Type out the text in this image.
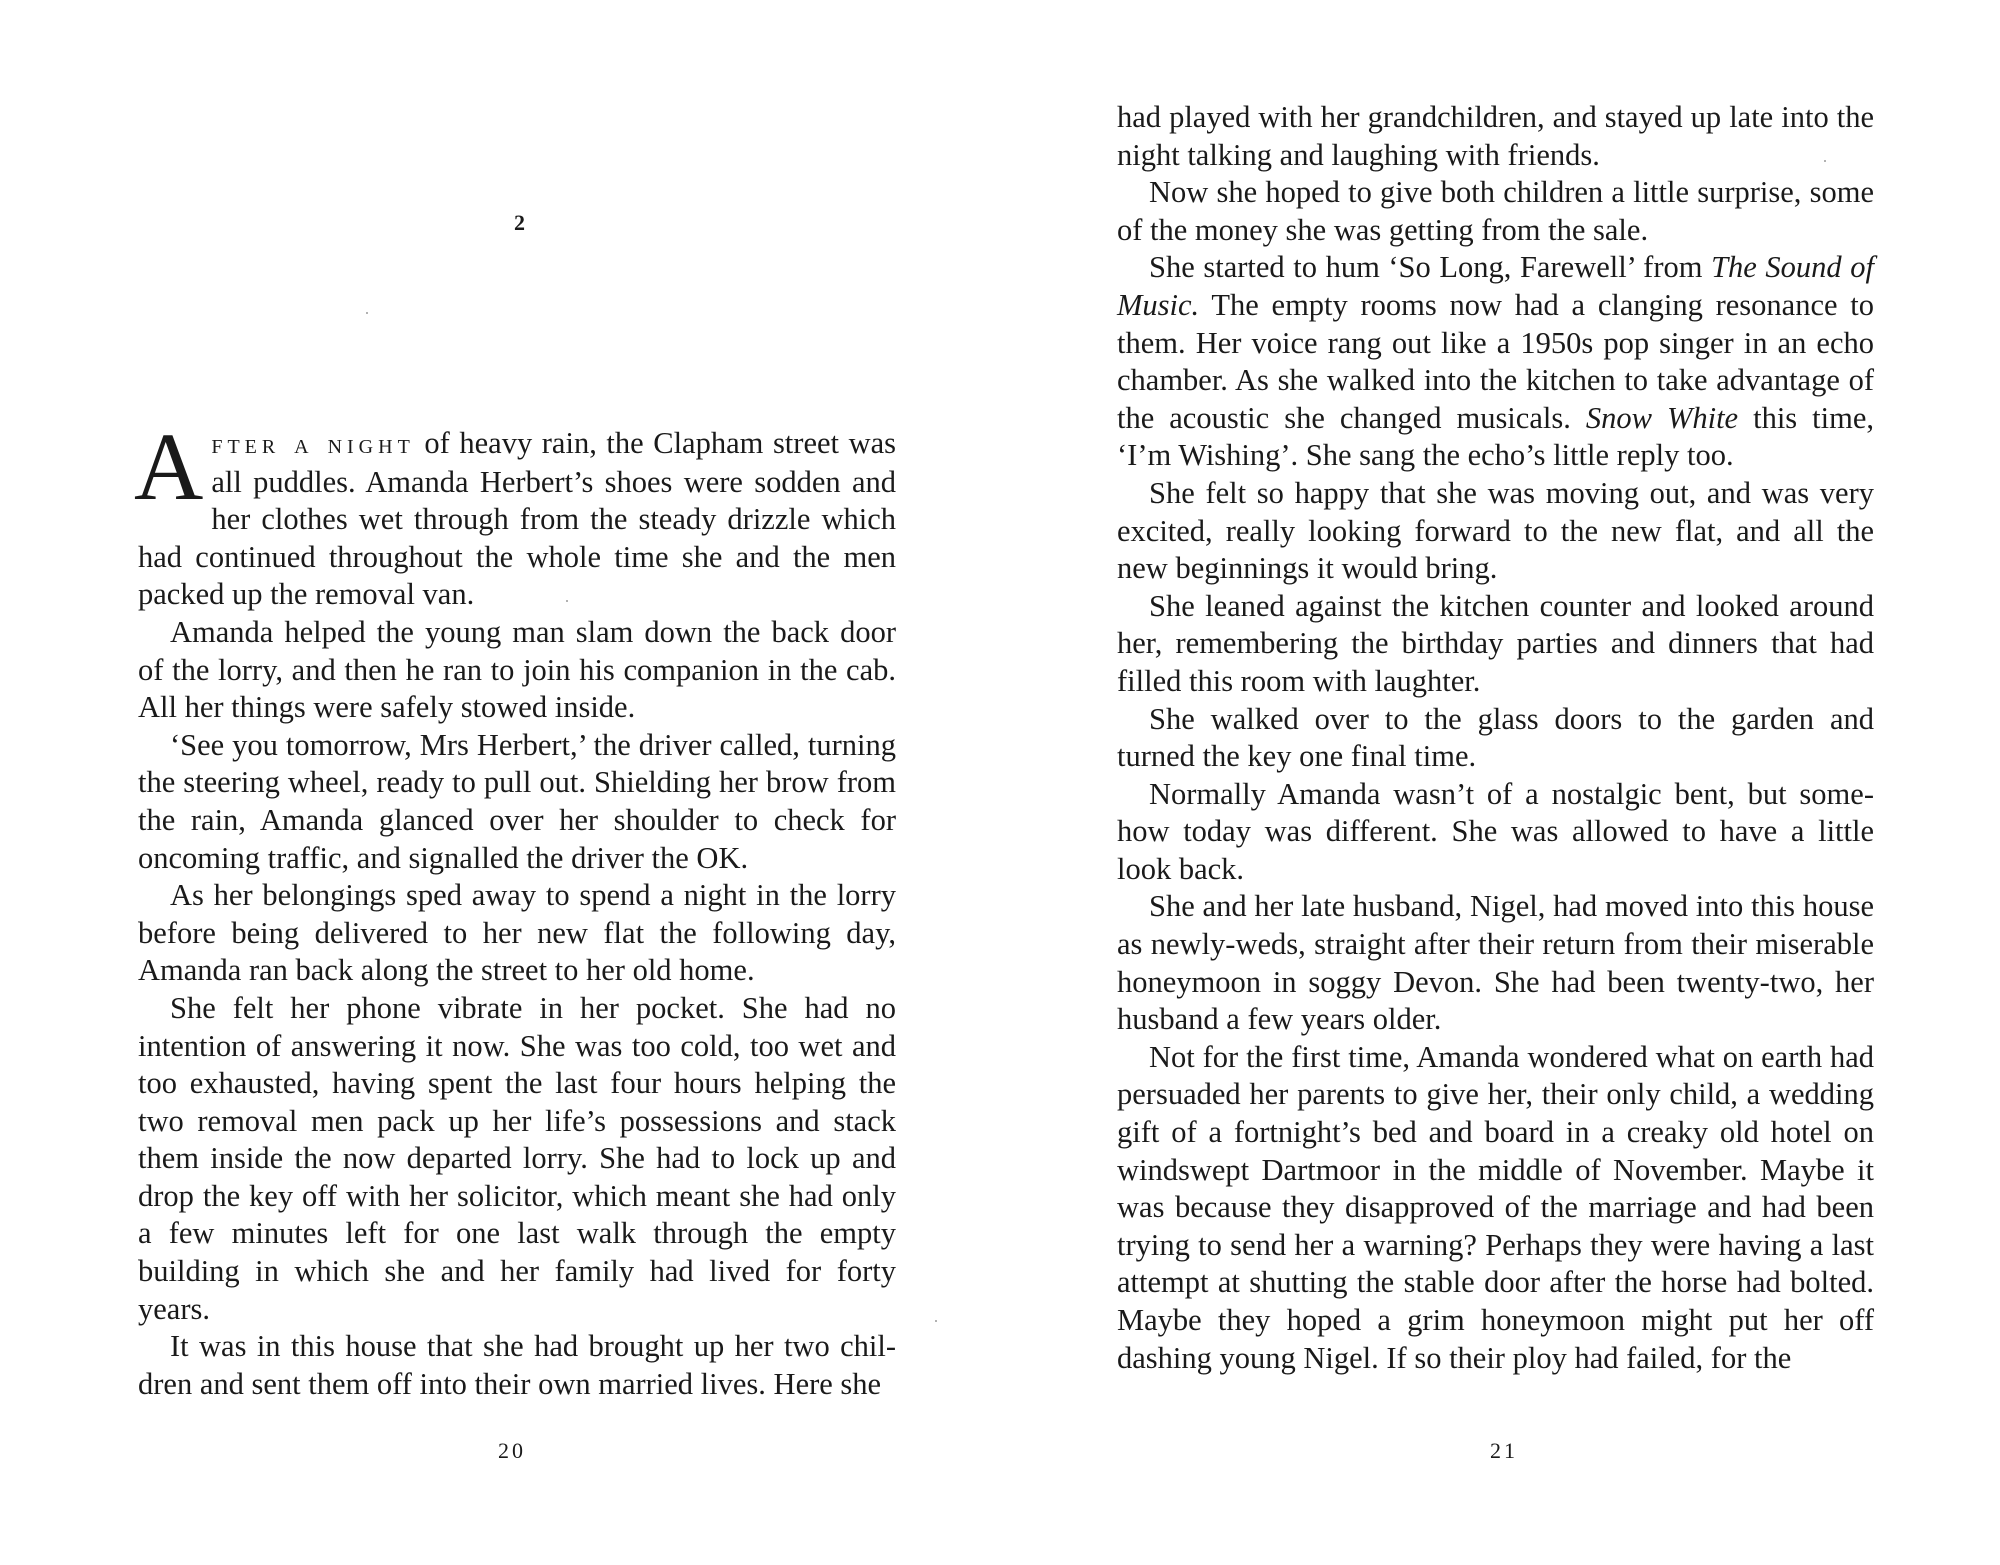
2

After a night of heavy rain, the Clapham street was all puddles. Amanda Herbert’s shoes were sodden and her clothes wet through from the steady drizzle which had continued throughout the whole time she and the men packed up the removal van.

Amanda helped the young man slam down the back door of the lorry, and then he ran to join his companion in the cab. All her things were safely stowed inside.

‘See you tomorrow, Mrs Herbert,’ the driver called, turning the steering wheel, ready to pull out. Shielding her brow from the rain, Amanda glanced over her shoulder to check for oncoming traffic, and signalled the driver the OK.

As her belongings sped away to spend a night in the lorry before being delivered to her new flat the following day, Amanda ran back along the street to her old home.

She felt her phone vibrate in her pocket. She had no intention of answering it now. She was too cold, too wet and too exhausted, having spent the last four hours helping the two removal men pack up her life’s possessions and stack them inside the now departed lorry. She had to lock up and drop the key off with her solicitor, which meant she had only a few minutes left for one last walk through the empty building in which she and her family had lived for forty years.

It was in this house that she had brought up her two children and sent them off into their own married lives. Here she

20

had played with her grandchildren, and stayed up late into the night talking and laughing with friends.

Now she hoped to give both children a little surprise, some of the money she was getting from the sale.

She started to hum ‘So Long, Farewell’ from The Sound of Music. The empty rooms now had a clanging resonance to them. Her voice rang out like a 1950s pop singer in an echo chamber. As she walked into the kitchen to take advantage of the acoustic she changed musicals. Snow White this time, ‘I’m Wishing’. She sang the echo’s little reply too.

She felt so happy that she was moving out, and was very excited, really looking forward to the new flat, and all the new beginnings it would bring.

She leaned against the kitchen counter and looked around her, remembering the birthday parties and dinners that had filled this room with laughter.

She walked over to the glass doors to the garden and turned the key one final time.

Normally Amanda wasn’t of a nostalgic bent, but somehow today was different. She was allowed to have a little look back.

She and her late husband, Nigel, had moved into this house as newly-weds, straight after their return from their miserable honeymoon in soggy Devon. She had been twenty-two, her husband a few years older.

Not for the first time, Amanda wondered what on earth had persuaded her parents to give her, their only child, a wedding gift of a fortnight’s bed and board in a creaky old hotel on windswept Dartmoor in the middle of November. Maybe it was because they disapproved of the marriage and had been trying to send her a warning? Perhaps they were having a last attempt at shutting the stable door after the horse had bolted. Maybe they hoped a grim honeymoon might put her off dashing young Nigel. If so their ploy had failed, for the

21
